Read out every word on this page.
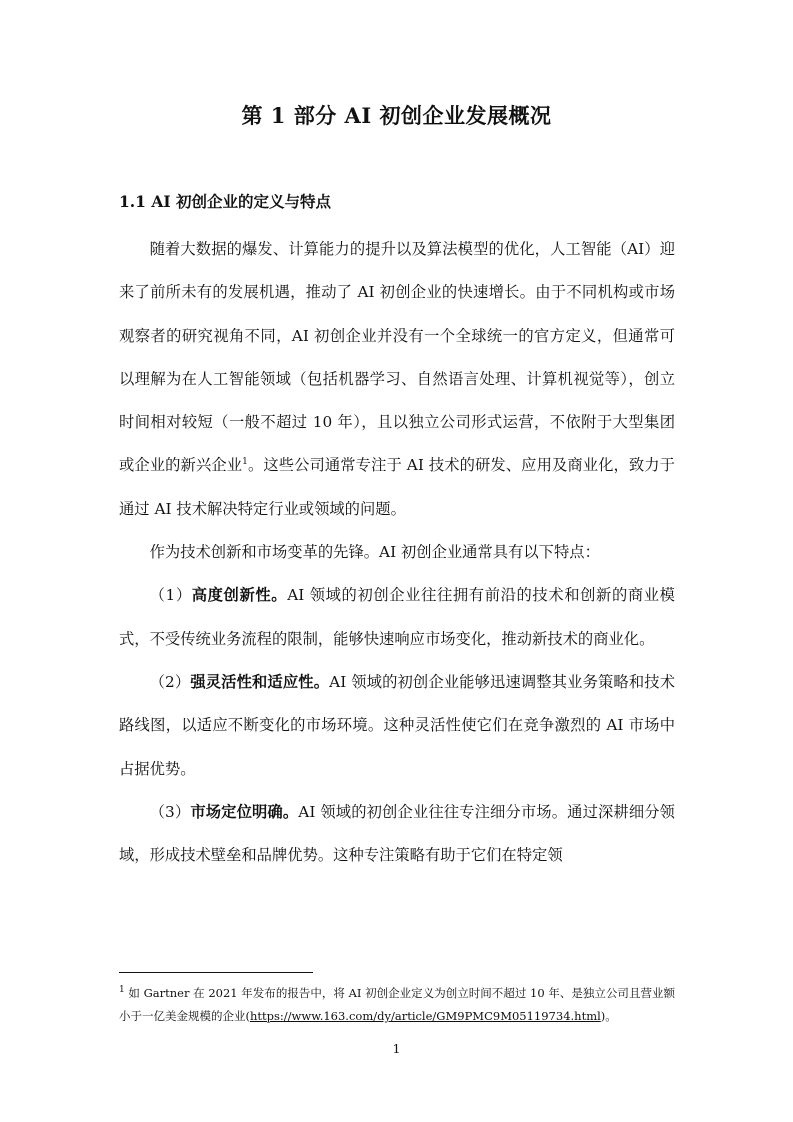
第 1 部分 AI 初创企业发展概况
1.1 AI 初创企业的定义与特点

随着大数据的爆发、计算能力的提升以及算法模型的优化，人工智能（AI）迎来了前所未有的发展机遇，推动了 AI 初创企业的快速增长。由于不同机构或市场观察者的研究视角不同，AI 初创企业并没有一个全球统一的官方定义，但通常可以理解为在人工智能领域（包括机器学习、自然语言处理、计算机视觉等），创立时间相对较短（一般不超过 10 年），且以独立公司形式运营，不依附于大型集团或企业的新兴企业$^1$。这些公司通常专注于 AI 技术的研发、应用及商业化，致力于通过 AI 技术解决特定行业或领域的问题。

作为技术创新和市场变革的先锋。AI 初创企业通常具有以下特点：

（1）高度创新性。AI 领域的初创企业往往拥有前沿的技术和创新的商业模式，不受传统业务流程的限制，能够快速响应市场变化，推动新技术的商业化。

（2）强灵活性和适应性。AI 领域的初创企业能够迅速调整其业务策略和技术路线图，以适应不断变化的市场环境。这种灵活性使它们在竞争激烈的 AI 市场中占据优势。

（3）市场定位明确。AI 领域的初创企业往往专注细分市场。通过深耕细分领域，形成技术壁垒和品牌优势。这种专注策略有助于它们在特定领

$^1$ 如 Gartner 在 2021 年发布的报告中，将 AI 初创企业定义为创立时间不超过 10 年、是独立公司且营业额小于一亿美金规模的企业(https://www.163.com/dy/article/GM9PMC9M05119734.html)。

1
